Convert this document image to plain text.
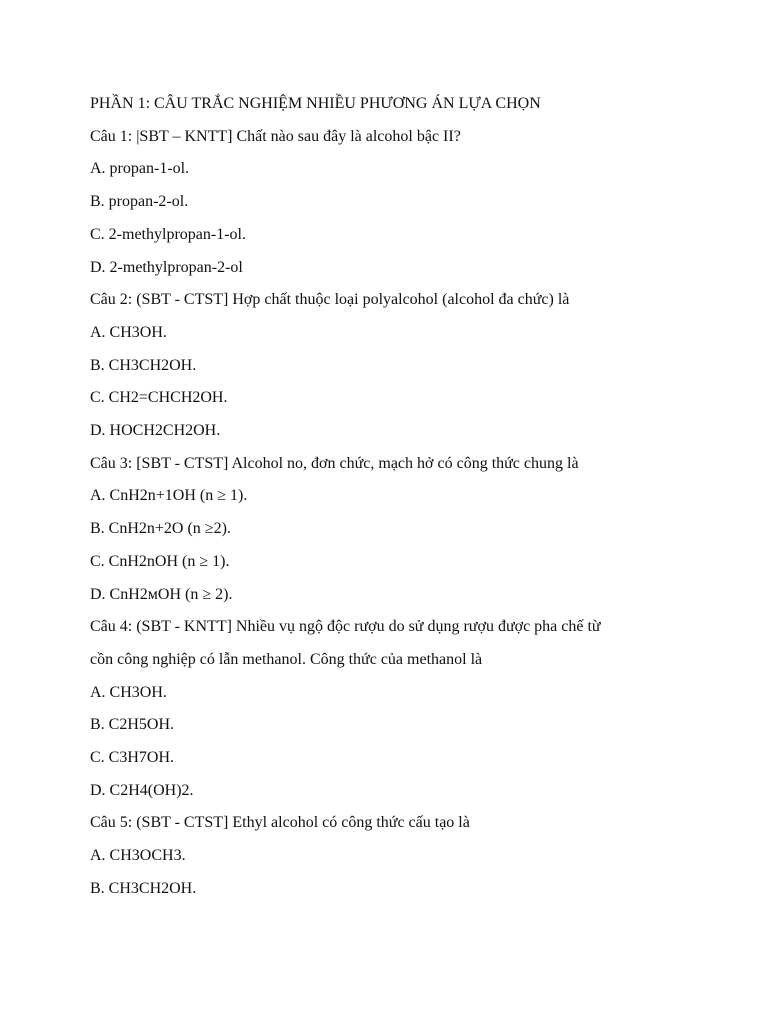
PHẦN 1: CÂU TRẮC NGHIỆM NHIỀU PHƯƠNG ÁN LỰA CHỌN

Câu 1: |SBT – KNTT] Chất nào sau đây là alcohol bậc II?

A. propan-1-ol.

B. propan-2-ol.

C. 2-methylpropan-1-ol.

D. 2-methylpropan-2-ol

Câu 2: (SBT - CTST] Hợp chất thuộc loại polyalcohol (alcohol đa chức) là

A. CH3OH.

B. CH3CH2OH.

C. CH2=CHCH2OH.

D. HOCH2CH2OH.

Câu 3: [SBT - CTST] Alcohol no, đơn chức, mạch hở có công thức chung là

A. CnH2n+1OH (n ≥ 1).

B. CnH2n+2O (n ≥2).

C. CnH2nOH (n ≥ 1).

D. CnH2мOH (n ≥ 2).

Câu 4: (SBT - KNTT] Nhiều vụ ngộ độc rượu do sử dụng rượu được pha chế từ

cồn công nghiệp có lẫn methanol. Công thức của methanol là

A. CH3OH.

B. C2H5OH.

C. C3H7OH.

D. C2H4(OH)2.

Câu 5: (SBT - CTST] Ethyl alcohol có công thức cấu tạo là

A. CH3OCH3.

B. CH3CH2OH.
